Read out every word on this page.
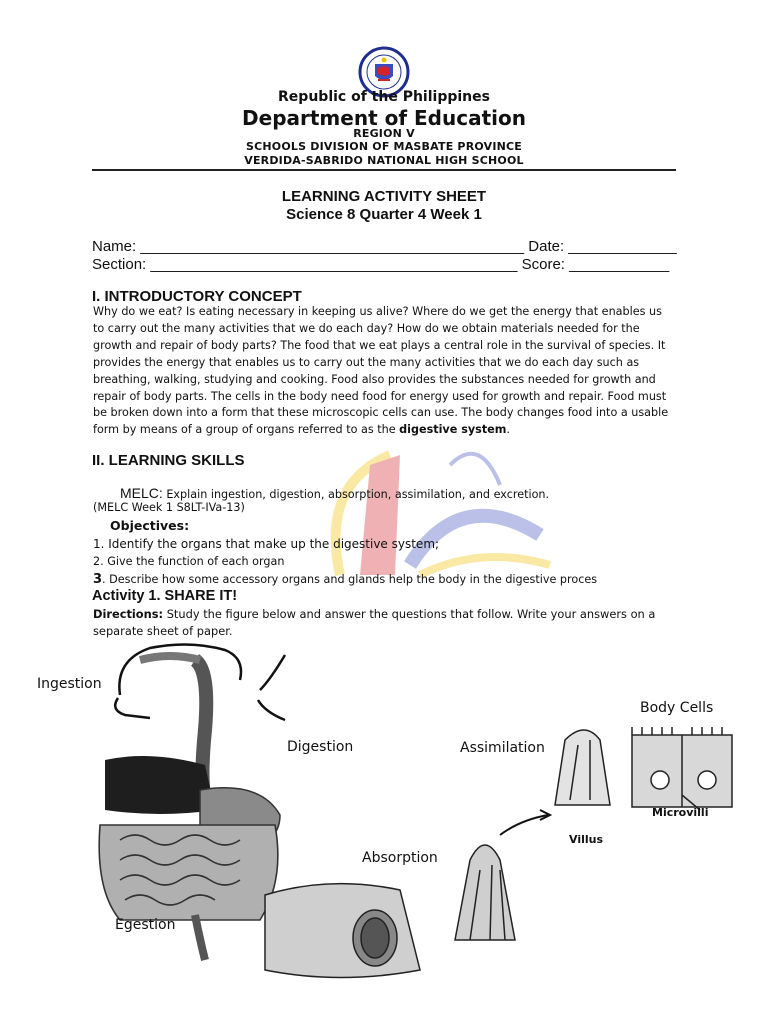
Republic of the Philippines
Department of Education
REGION V
SCHOOLS DIVISION OF MASBATE PROVINCE
VERDIDA-SABRIDO NATIONAL HIGH SCHOOL
LEARNING ACTIVITY SHEET
Science 8 Quarter 4 Week 1
Name: ______________________________________________ Date: _____________
Section: ____________________________________________ Score: ____________
I. INTRODUCTORY CONCEPT
Why do we eat? Is eating necessary in keeping us alive? Where do we get the energy that enables us to carry out the many activities that we do each day? How do we obtain materials needed for the growth and repair of body parts? The food that we eat plays a central role in the survival of species. It provides the energy that enables us to carry out the many activities that we do each day such as breathing, walking, studying and cooking. Food also provides the substances needed for growth and repair of body parts. The cells in the body need food for energy used for growth and repair. Food must be broken down into a form that these microscopic cells can use. The body changes food into a usable form by means of a group of organs referred to as the digestive system.
II. LEARNING SKILLS
MELC: Explain ingestion, digestion, absorption, assimilation, and excretion.
(MELC Week 1 S8LT-IVa-13)
Objectives:
1. Identify the organs that make up the digestive system;
2. Give the function of each organ
3. Describe how some accessory organs and glands help the body in the digestive proces
Activity 1. SHARE IT!
Directions: Study the figure below and answer the questions that follow. Write your answers on a separate sheet of paper.
Ingestion
Digestion	Assimilation
Body Cells
Microvilli
Villus
Absorption
Egestion
